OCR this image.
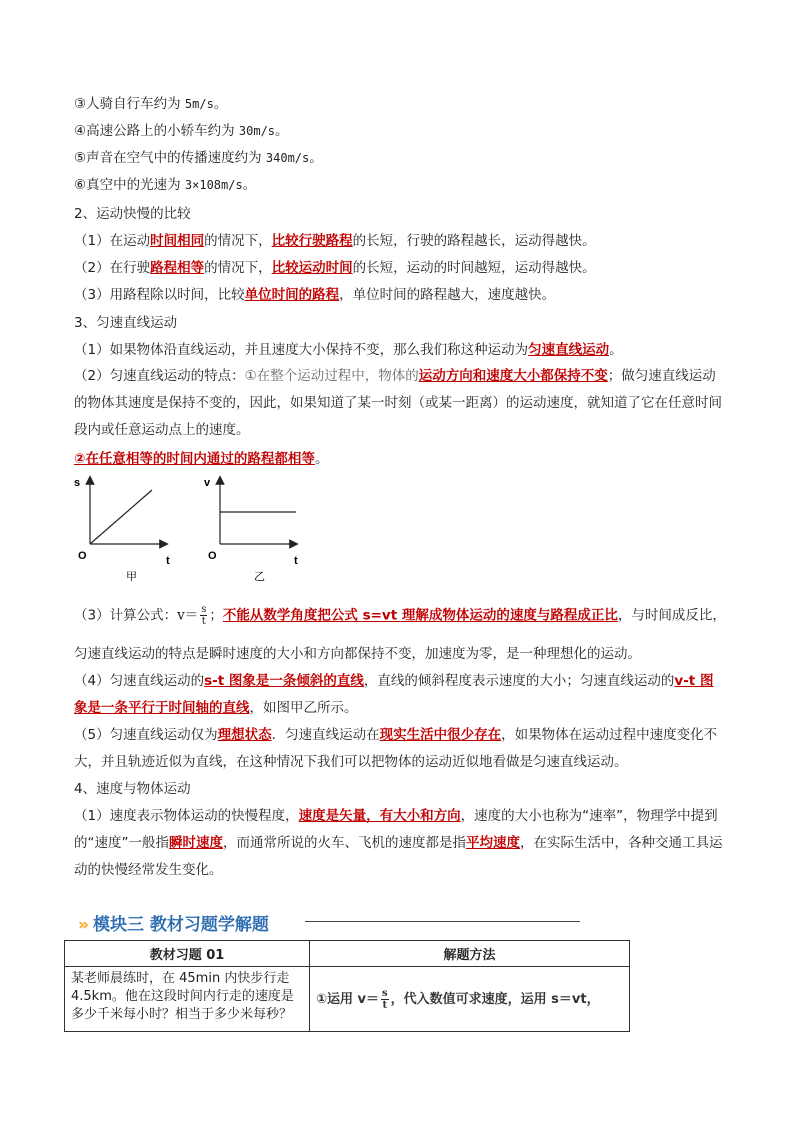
③人骑自行车约为 5m/s。
④高速公路上的小轿车约为 30m/s。
⑤声音在空气中的传播速度约为 340m/s。
⑥真空中的光速为 3×108m/s。
2、运动快慢的比较
（1）在运动时间相同的情况下，比较行驶路程的长短，行驶的路程越长，运动得越快。
（2）在行驶路程相等的情况下，比较运动时间的长短，运动的时间越短，运动得越快。
（3）用路程除以时间，比较单位时间的路程，单位时间的路程越大，速度越快。
3、匀速直线运动
（1）如果物体沿直线运动，并且速度大小保持不变，那么我们称这种运动为匀速直线运动。
（2）匀速直线运动的特点：①在整个运动过程中，物体的运动方向和速度大小都保持不变；做匀速直线运动的物体其速度是保持不变的，因此，如果知道了某一时刻（或某一距离）的运动速度，就知道了它在任意时间段内或任意运动点上的速度。
②在任意相等的时间内通过的路程都相等。
s
t
O
甲
v
t
O
乙
（3）计算公式：$v= \frac{s}{t}$ ；不能从数学角度把公式 s=vt 理解成物体运动的速度与路程成正比，与时间成反比，
匀速直线运动的特点是瞬时速度的大小和方向都保持不变，加速度为零，是一种理想化的运动。
（4）匀速直线运动的s-t 图象是一条倾斜的直线，直线的倾斜程度表示速度的大小；匀速直线运动的v-t 图象是一条平行于时间轴的直线，如图甲乙所示。
（5）匀速直线运动仅为理想状态．匀速直线运动在现实生活中很少存在，如果物体在运动过程中速度变化不大，并且轨迹近似为直线，在这种情况下我们可以把物体的运动近似地看做是匀速直线运动。
4、速度与物体运动
（1）速度表示物体运动的快慢程度，速度是矢量，有大小和方向，速度的大小也称为“速率”，物理学中提到的“速度”一般指瞬时速度，而通常所说的火车、飞机的速度都是指平均速度，在实际生活中，各种交通工具运动的快慢经常发生变化。
» 模块三 教材习题学解题
教材习题 01	解题方法
某老师晨练时，在 45min 内快步行走 4.5km。他在这段时间内行走的速度是多少千米每小时？相当于多少米每秒？	①运用 $v= \frac{s}{t}$ ，代入数值可求速度，运用 s＝vt，
